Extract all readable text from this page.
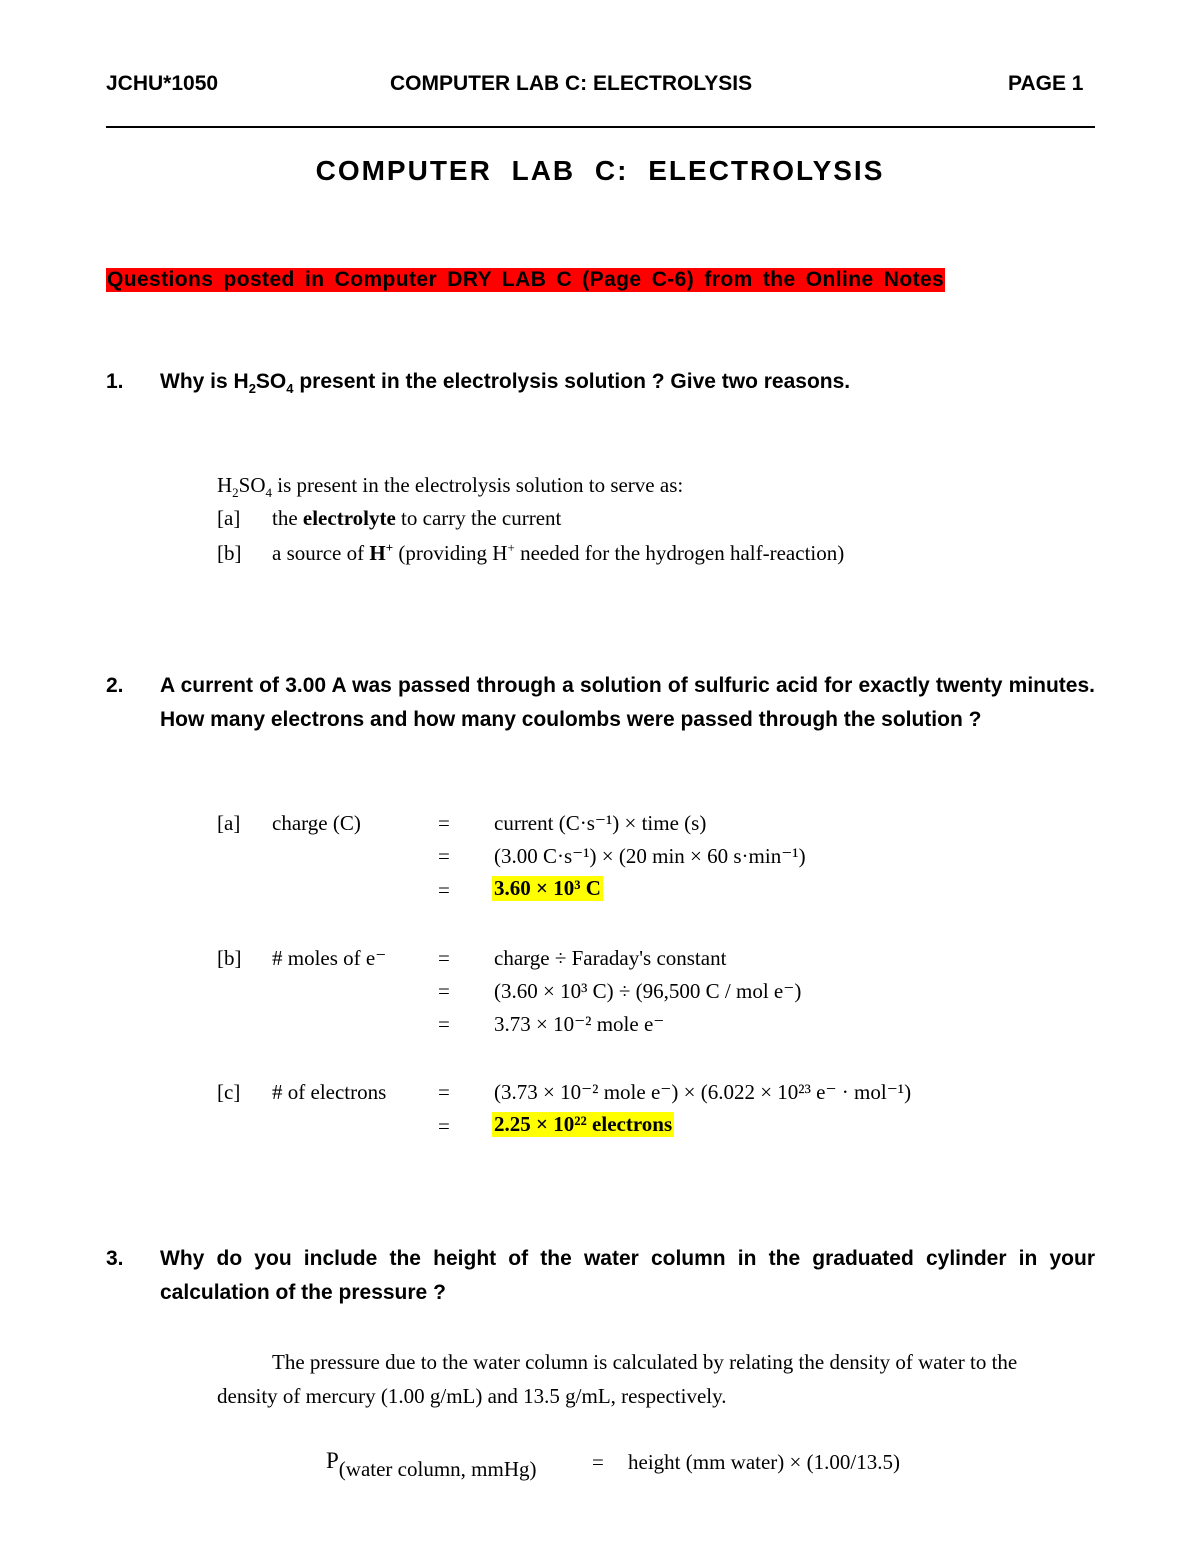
JCHU*1050	COMPUTER LAB C: ELECTROLYSIS	PAGE 1
COMPUTER LAB C: ELECTROLYSIS
Questions posted in Computer DRY LAB C (Page C-6) from the Online Notes
1. Why is $H_2SO_4$ present in the electrolysis solution ? Give two reasons.
$H_2SO_4$ is present in the electrolysis solution to serve as:
[a] the electrolyte to carry the current
[b] a source of H+ (providing H+ needed for the hydrogen half-reaction)
2. A current of 3.00 A was passed through a solution of sulfuric acid for exactly twenty minutes. How many electrons and how many coulombs were passed through the solution ?
[a] charge (C)	= current (C·s⁻¹) × time (s)
= (3.00 C·s⁻¹) × (20 min × 60 s·min⁻¹)
= 3.60 × 10³ C
[b] # moles of e⁻ = charge ÷ Faraday's constant
= (3.60 × 10³ C) ÷ (96,500 C / mol e⁻)
= 3.73 × 10⁻² mole e⁻
[c] # of electrons = (3.73 × 10⁻² mole e⁻) × (6.022 × 10²³ e⁻ · mol⁻¹)
= 2.25 × 10²² electrons
3. Why do you include the height of the water column in the graduated cylinder in your calculation of the pressure ?
The pressure due to the water column is calculated by relating the density of water to the
density of mercury (1.00 g/mL) and 13.5 g/mL, respectively.
P(water column, mmHg)	= height (mm water) × (1.00/13.5)
